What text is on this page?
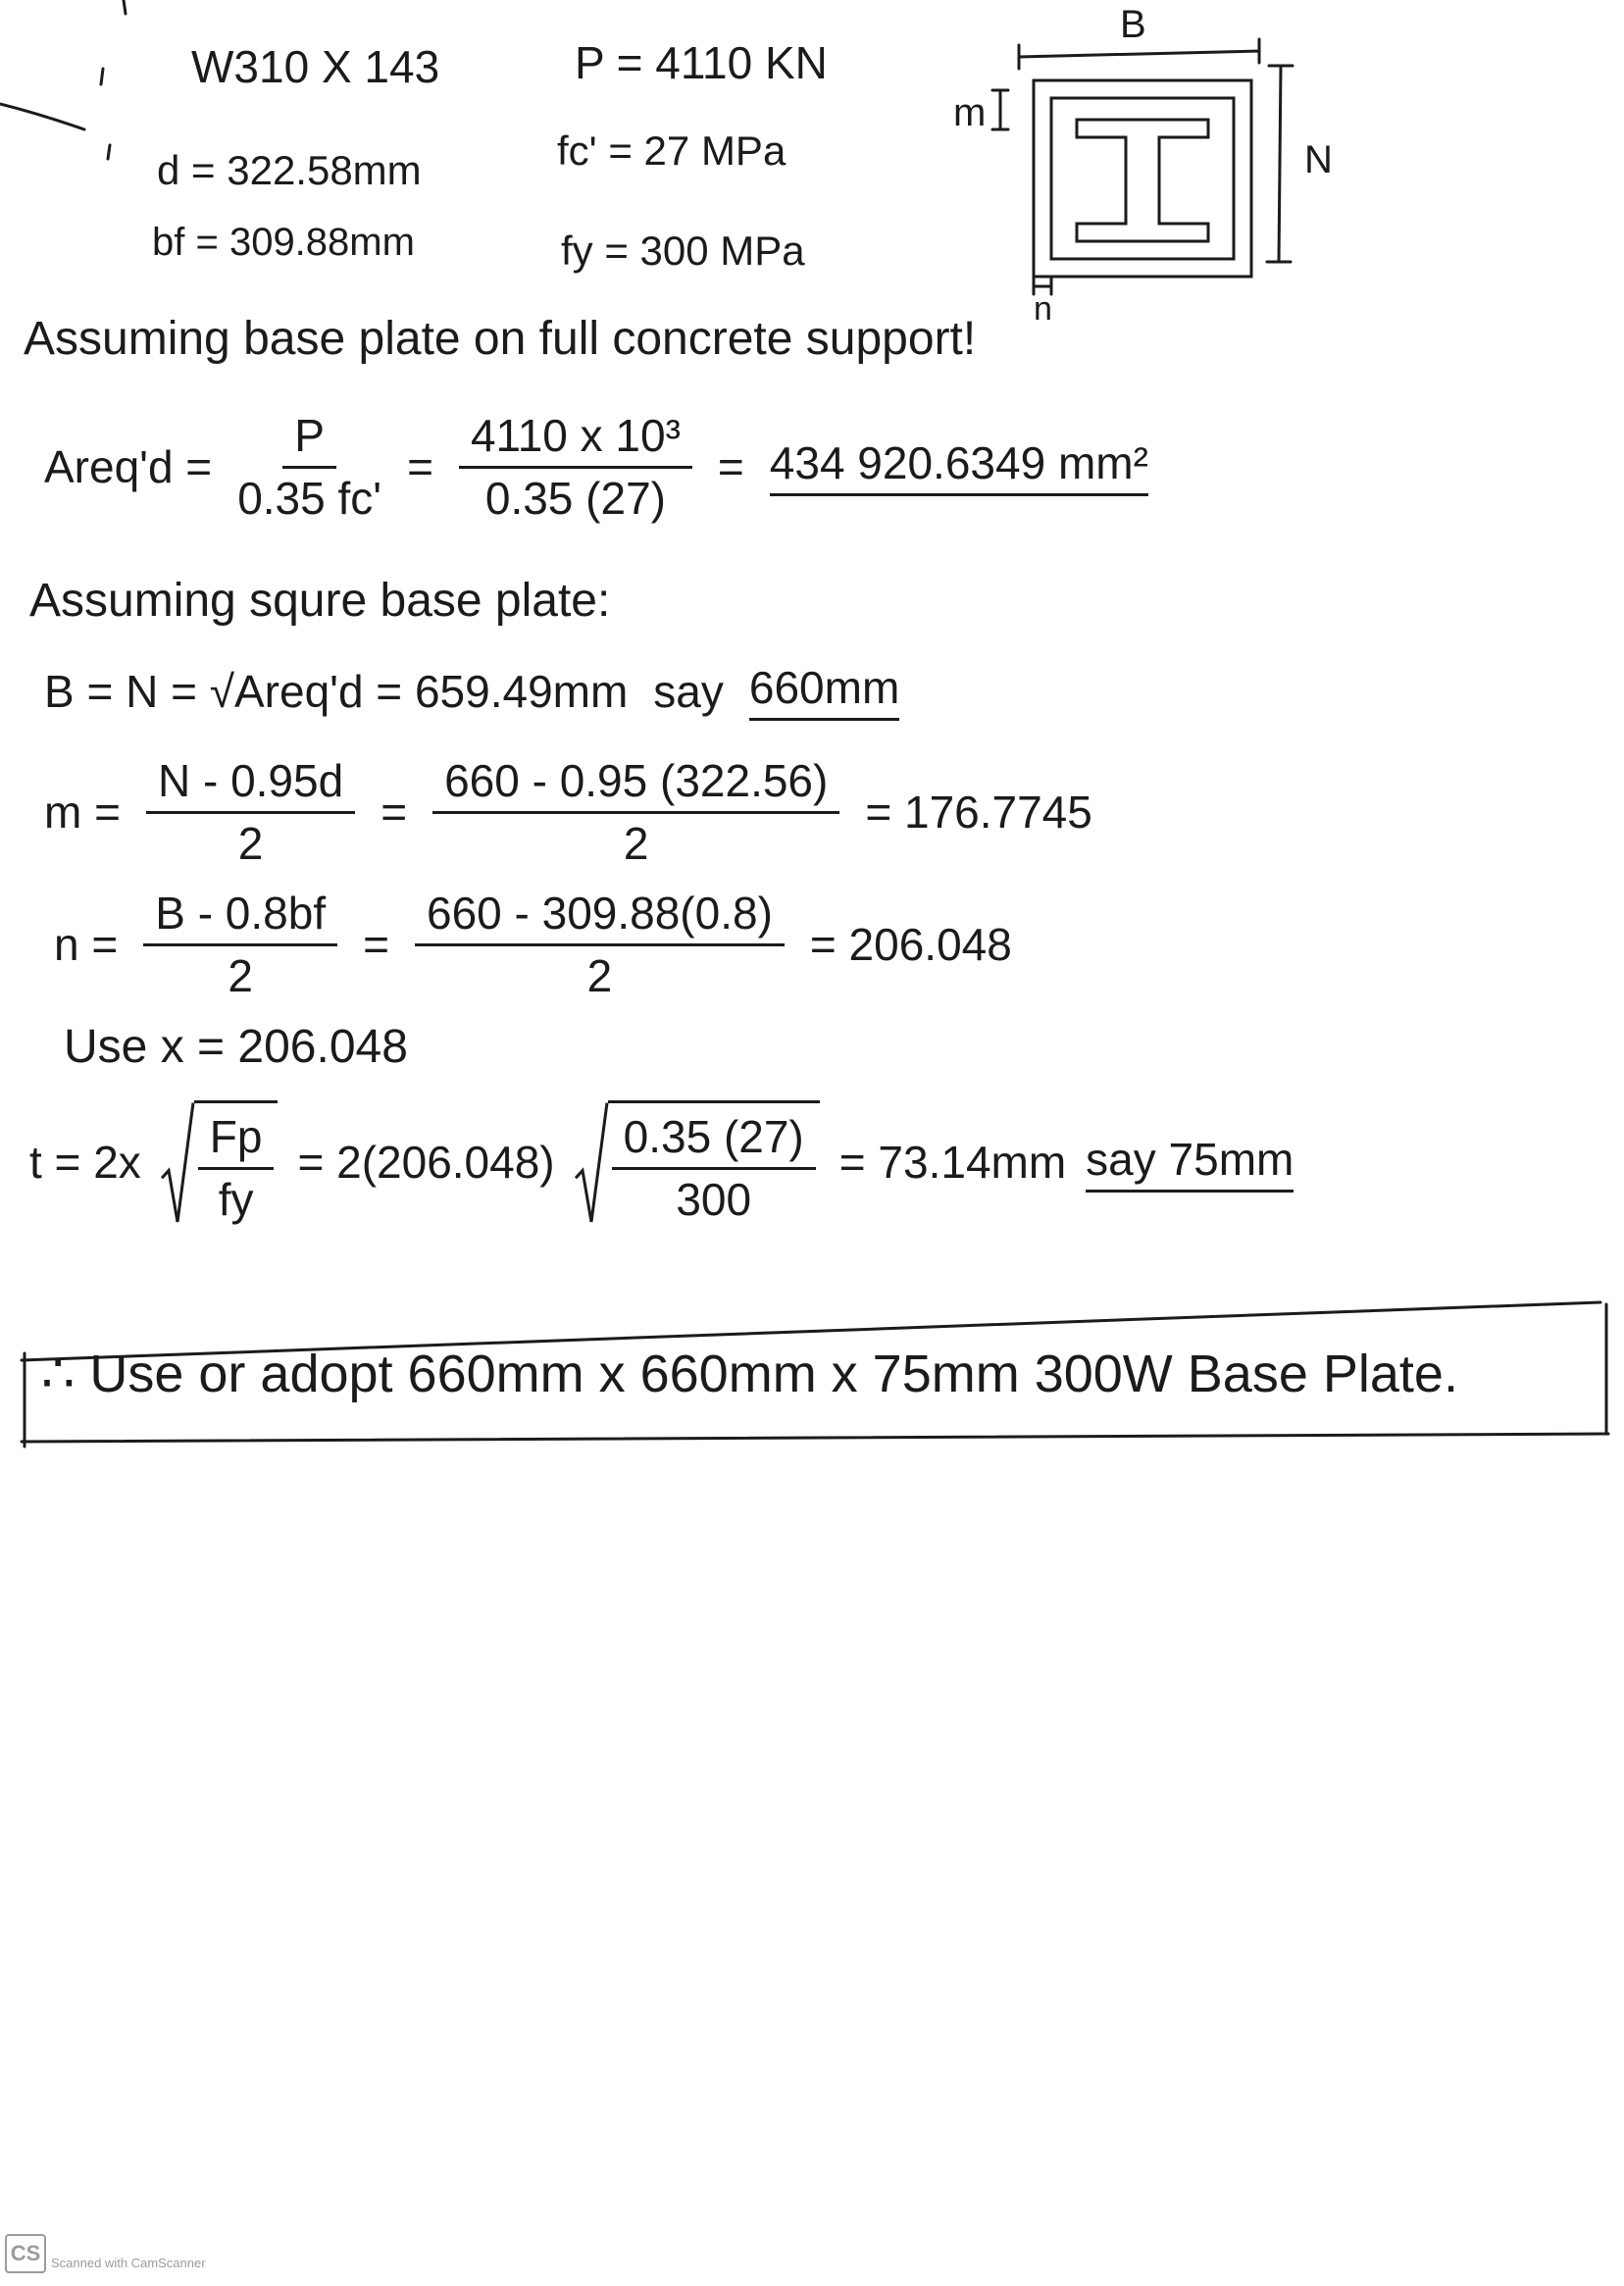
W310 X 143
d = 322.58mm
bf = 309.88mm
P = 4110 KN
fc' = 27 MPa
fy = 300 MPa
B
m
N
n
Assuming base plate on full concrete support!
Areq'd = $\frac{P}{0.35 fc'} = \frac{\text{4110 x 10³}}{0.35 (27)} = 434$ 920.6349 mm²
Assuming squre base plate:
B = N = √Areq'd = 659.49mm say 660mm
$m = \frac{N - 0.95d}{2} = \frac{660 - 0.95 (322.56)}{2} = 176.7745$
$n = \frac{B - 0.8bf}{2} = \frac{660 - 309.88(0.8)}{2} = 206.048$
Use x = 206.048
$t = 2x \frac{Fp}{fy} = 2(206.048) \frac{0.35 (27)}{300} = 73.14mm$ say 75mm
∴ Use or adopt 660mm x 660mm x 75mm 300W Base Plate.
CS Scanned with CamScanner
